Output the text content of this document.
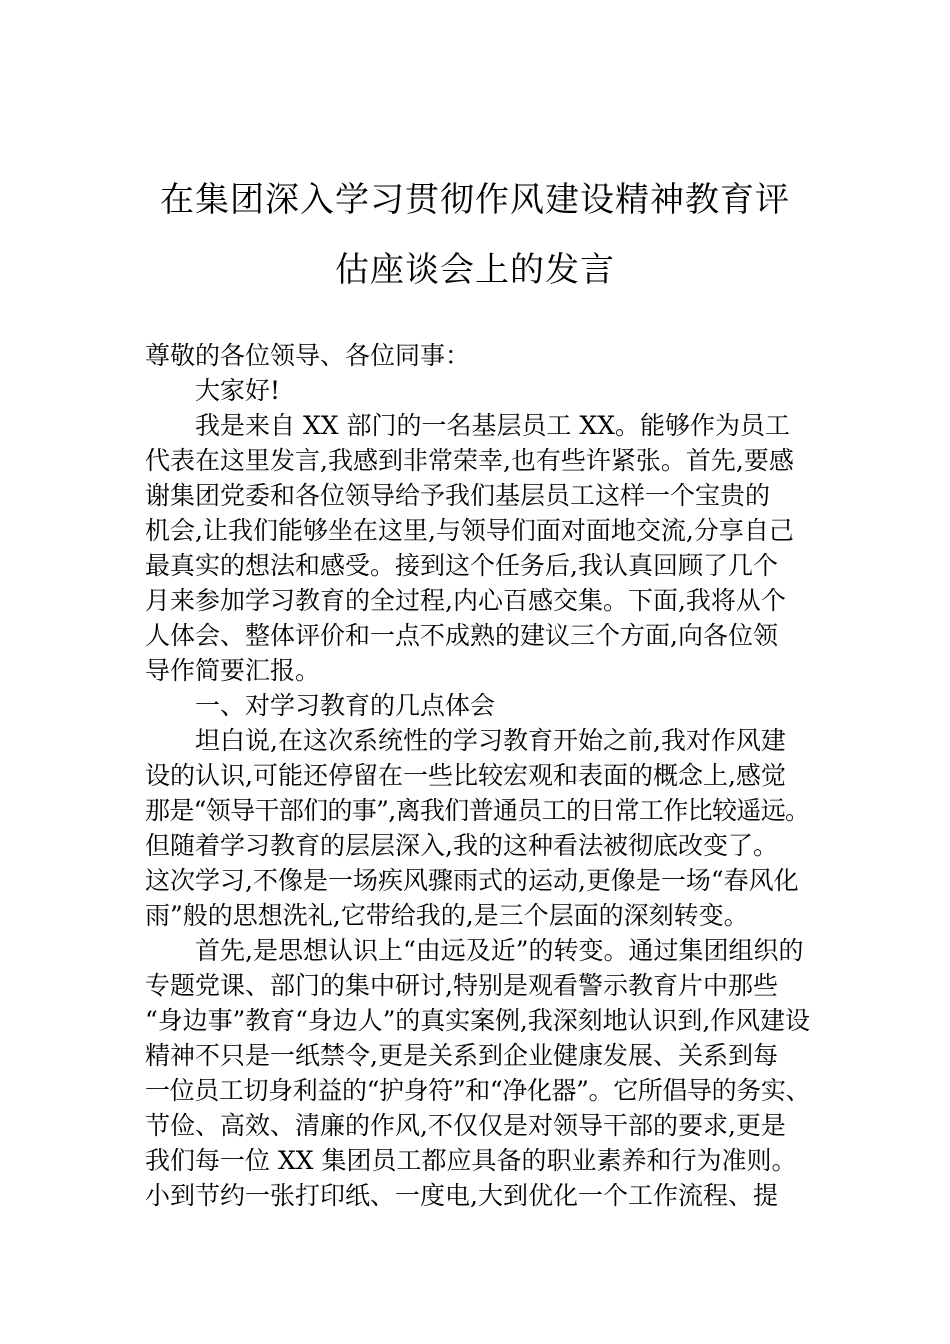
在集团深入学习贯彻作风建设精神教育评
估座谈会上的发言
尊敬的各位领导、各位同事：
大家好!
我是来自 XX 部门的一名基层员工 XX。能够作为员工
代表在这里发言,我感到非常荣幸,也有些许紧张。首先,要感
谢集团党委和各位领导给予我们基层员工这样一个宝贵的
机会,让我们能够坐在这里,与领导们面对面地交流,分享自己
最真实的想法和感受。接到这个任务后,我认真回顾了几个
月来参加学习教育的全过程,内心百感交集。下面,我将从个
人体会、整体评价和一点不成熟的建议三个方面,向各位领
导作简要汇报。
一、对学习教育的几点体会
坦白说,在这次系统性的学习教育开始之前,我对作风建
设的认识,可能还停留在一些比较宏观和表面的概念上,感觉
那是“领导干部们的事”,离我们普通员工的日常工作比较遥远。
但随着学习教育的层层深入,我的这种看法被彻底改变了。
这次学习,不像是一场疾风骤雨式的运动,更像是一场“春风化
雨”般的思想洗礼,它带给我的,是三个层面的深刻转变。
首先,是思想认识上“由远及近”的转变。通过集团组织的
专题党课、部门的集中研讨,特别是观看警示教育片中那些
“身边事”教育“身边人”的真实案例,我深刻地认识到,作风建设
精神不只是一纸禁令,更是关系到企业健康发展、关系到每
一位员工切身利益的“护身符”和“净化器”。它所倡导的务实、
节俭、高效、清廉的作风,不仅仅是对领导干部的要求,更是
我们每一位 XX 集团员工都应具备的职业素养和行为准则。
小到节约一张打印纸、一度电,大到优化一个工作流程、提
